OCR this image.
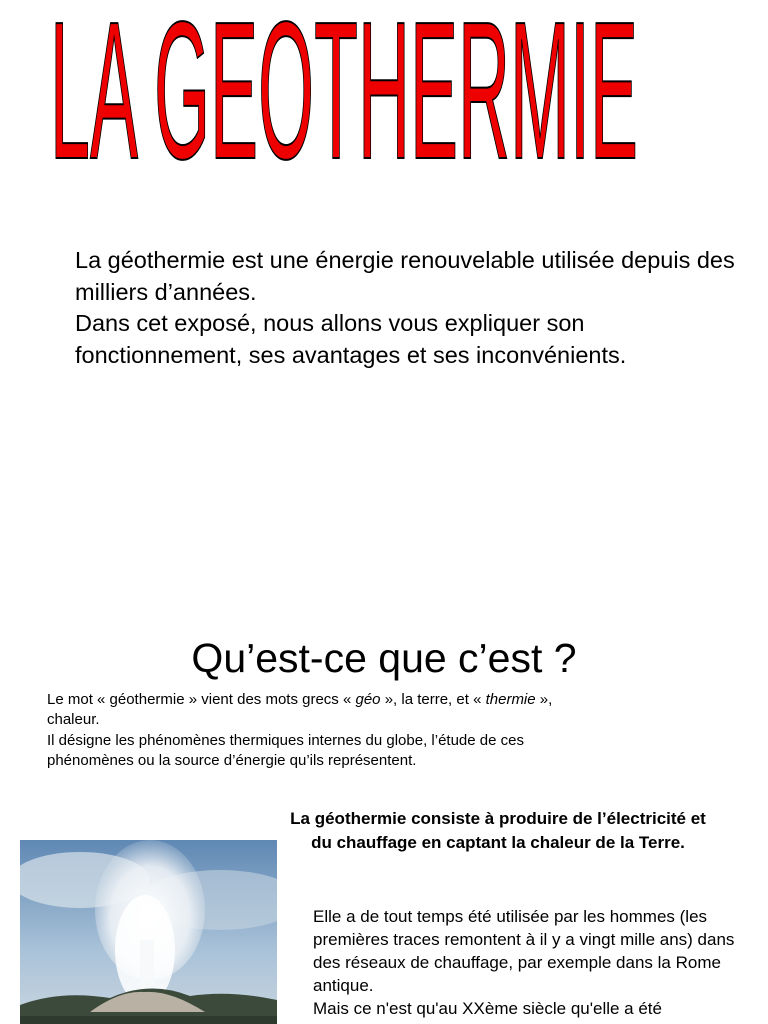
LA GEOTHERMIE

La géothermie est une énergie renouvelable utilisée depuis des milliers d’années.

Dans cet exposé, nous allons vous expliquer son fonctionnement, ses avantages et ses inconvénients.

Qu’est-ce que c’est ?

Le mot « géothermie » vient des mots grecs « géo », la terre, et « thermie », chaleur.

Il désigne les phénomènes thermiques internes du globe, l’étude de ces phénomènes ou la source d’énergie qu’ils représentent.

La géothermie consiste à produire de l’électricité et

du chauffage en captant la chaleur de la Terre.

Elle a de tout temps été utilisée par les hommes (les premières traces remontent à il y a vingt mille ans) dans des réseaux de chauffage, par exemple dans la Rome antique.

Mais ce n'est qu'au XXème siècle qu'elle a été
